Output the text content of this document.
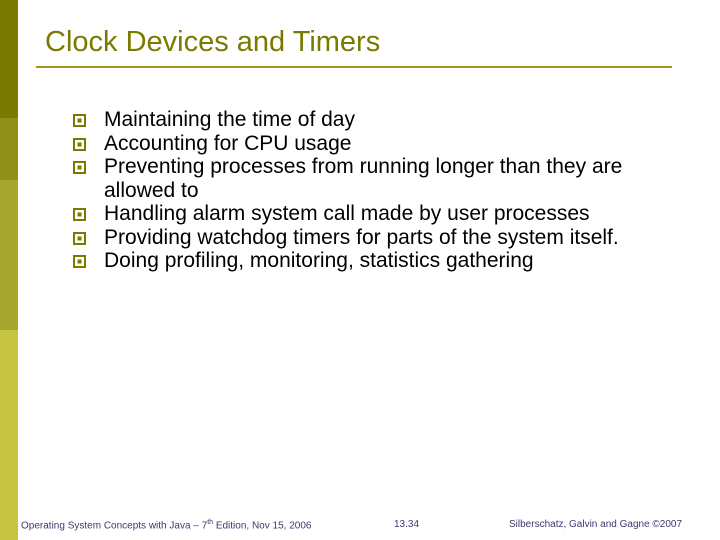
Clock Devices and Timers
Maintaining the time of day
Accounting for CPU usage
Preventing processes from running longer than they are allowed to
Handling alarm system call made by user processes
Providing watchdog timers for parts of the system itself.
Doing profiling, monitoring, statistics gathering
Operating System Concepts with Java – 7th Edition, Nov 15, 2006	13.34	Silberschatz, Galvin and Gagne ©2007
